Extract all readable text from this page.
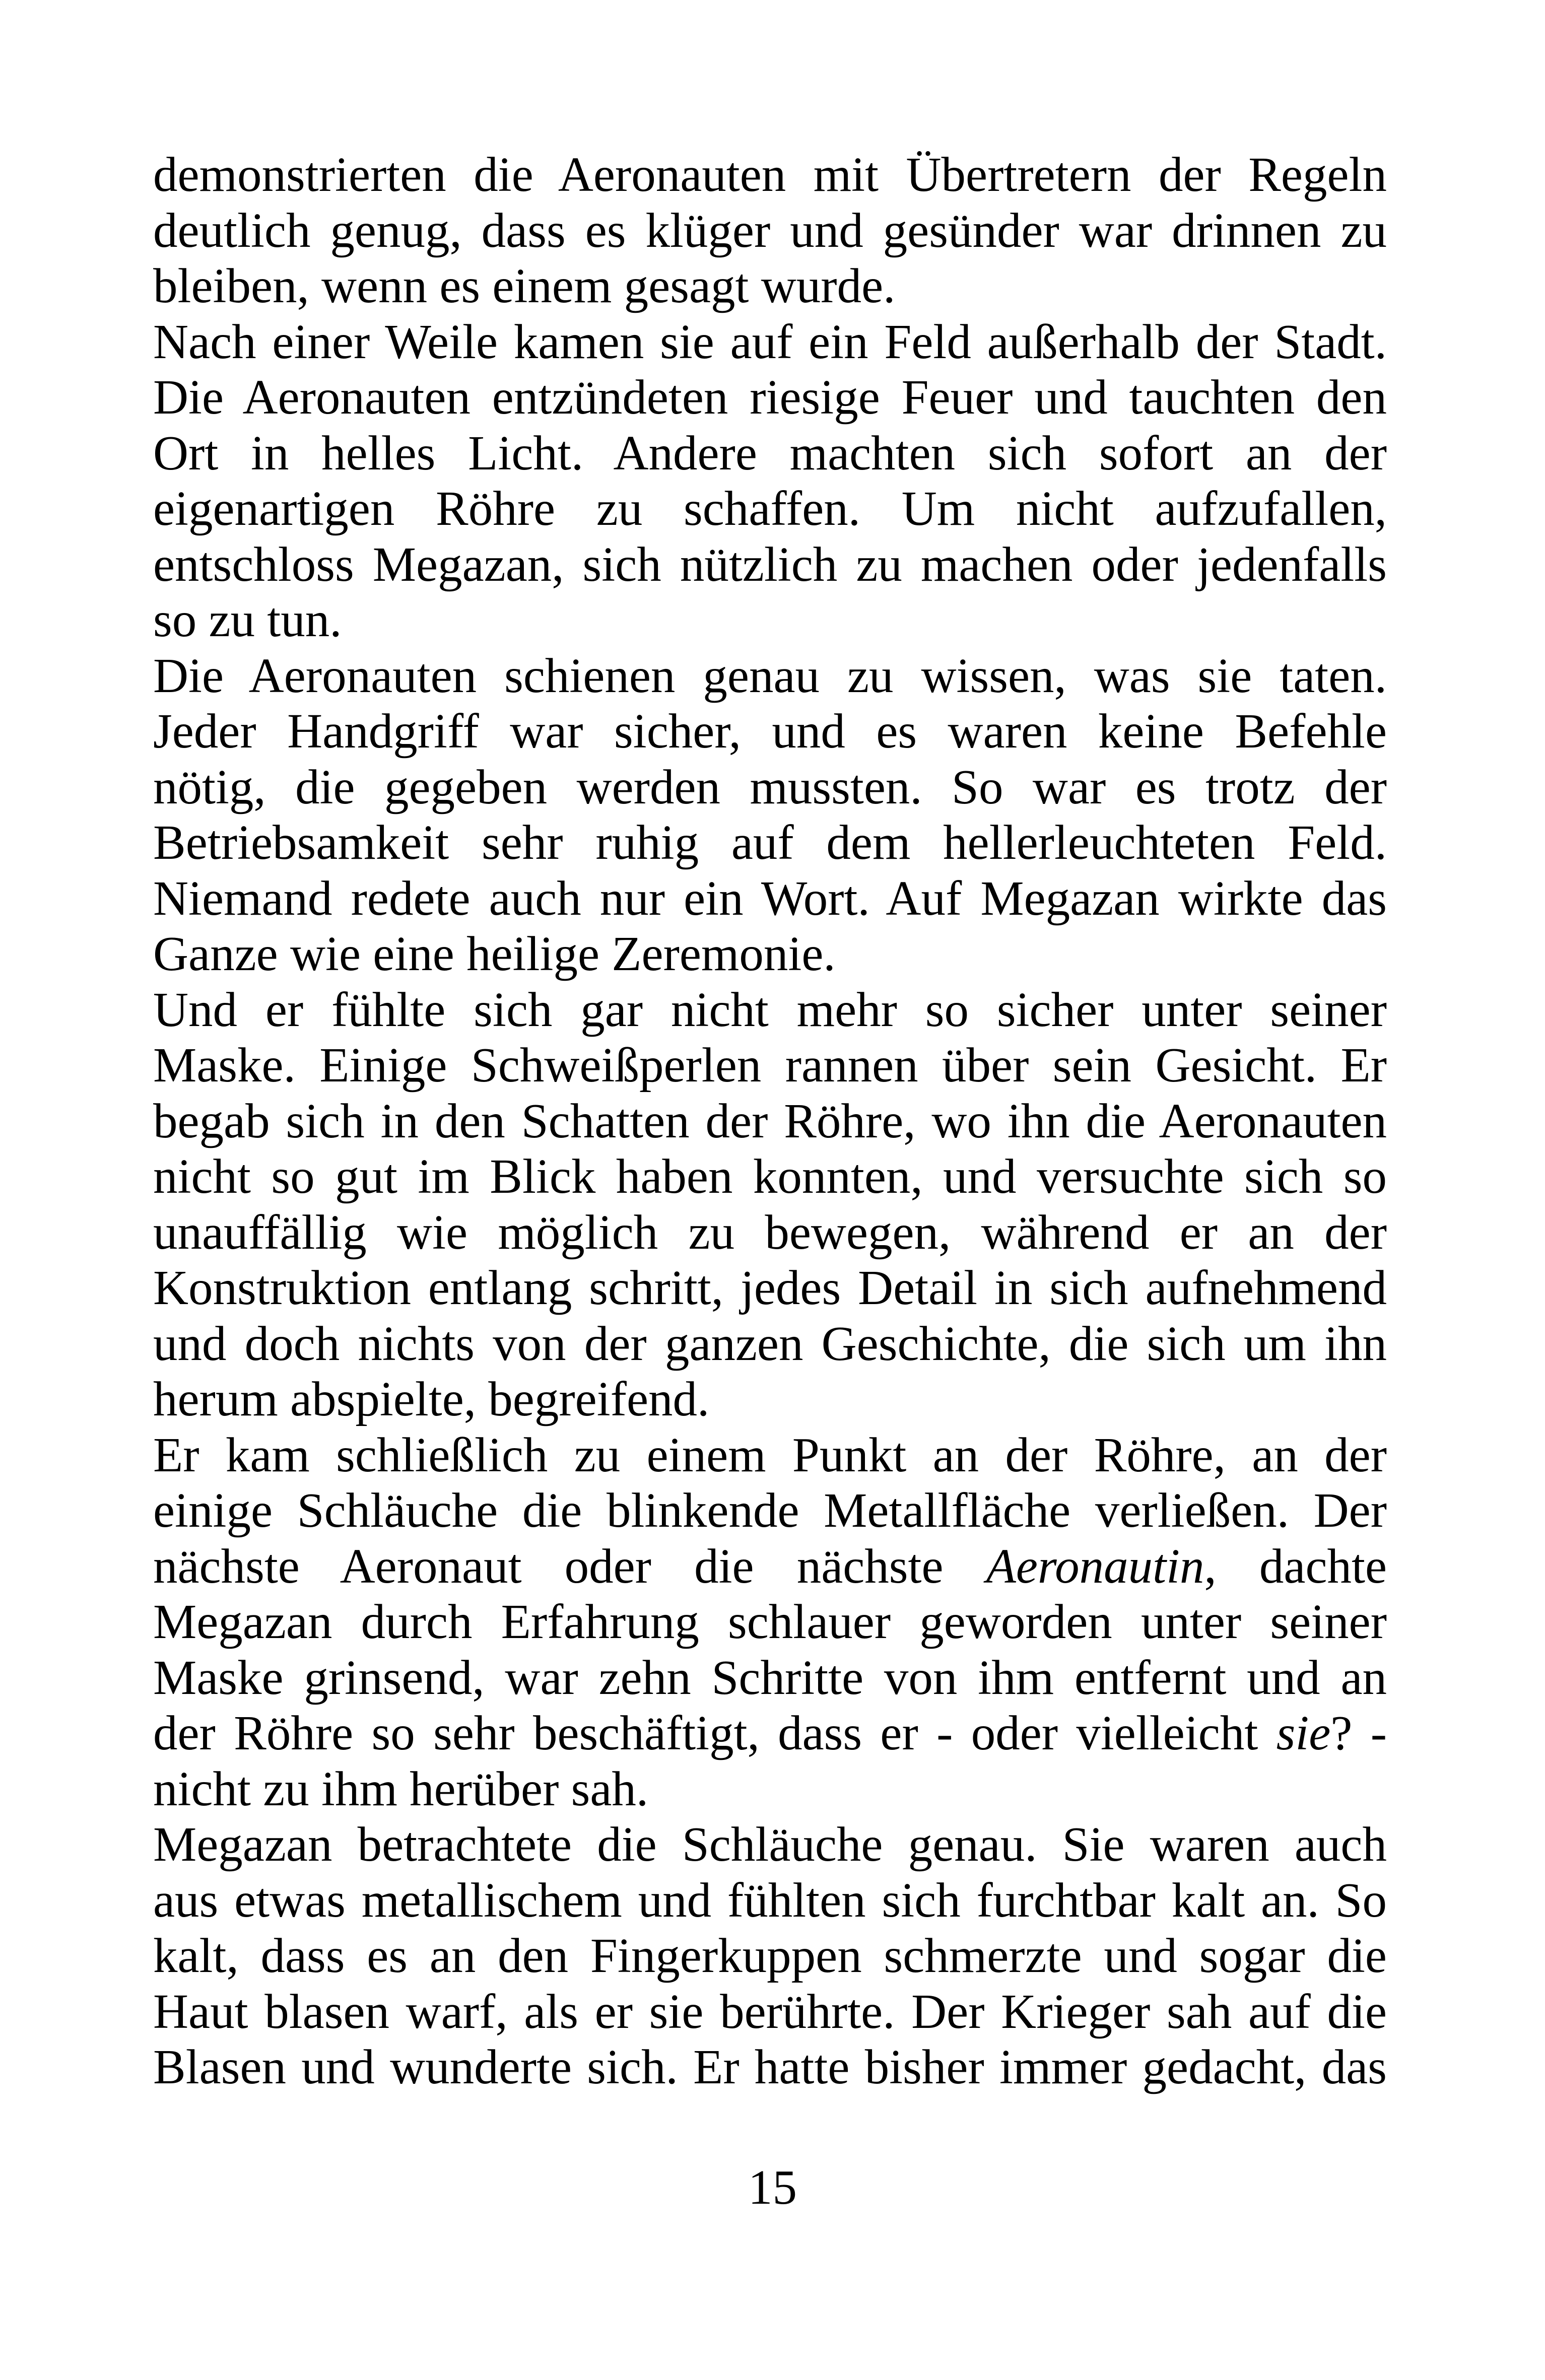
demonstrierten die Aeronauten mit Übertretern der Regeln
deutlich genug, dass es klüger und gesünder war drinnen zu
bleiben, wenn es einem gesagt wurde.
Nach einer Weile kamen sie auf ein Feld außerhalb der Stadt.
Die Aeronauten entzündeten riesige Feuer und tauchten den
Ort in helles Licht. Andere machten sich sofort an der
eigenartigen Röhre zu schaffen. Um nicht aufzufallen,
entschloss Megazan, sich nützlich zu machen oder jedenfalls
so zu tun.
Die Aeronauten schienen genau zu wissen, was sie taten.
Jeder Handgriff war sicher, und es waren keine Befehle
nötig, die gegeben werden mussten. So war es trotz der
Betriebsamkeit sehr ruhig auf dem hellerleuchteten Feld.
Niemand redete auch nur ein Wort. Auf Megazan wirkte das
Ganze wie eine heilige Zeremonie.
Und er fühlte sich gar nicht mehr so sicher unter seiner
Maske. Einige Schweißperlen rannen über sein Gesicht. Er
begab sich in den Schatten der Röhre, wo ihn die Aeronauten
nicht so gut im Blick haben konnten, und versuchte sich so
unauffällig wie möglich zu bewegen, während er an der
Konstruktion entlang schritt, jedes Detail in sich aufnehmend
und doch nichts von der ganzen Geschichte, die sich um ihn
herum abspielte, begreifend.
Er kam schließlich zu einem Punkt an der Röhre, an der
einige Schläuche die blinkende Metallfläche verließen. Der
nächste Aeronaut oder die nächste Aeronautin, dachte
Megazan durch Erfahrung schlauer geworden unter seiner
Maske grinsend, war zehn Schritte von ihm entfernt und an
der Röhre so sehr beschäftigt, dass er - oder vielleicht sie? -
nicht zu ihm herüber sah.
Megazan betrachtete die Schläuche genau. Sie waren auch
aus etwas metallischem und fühlten sich furchtbar kalt an. So
kalt, dass es an den Fingerkuppen schmerzte und sogar die
Haut blasen warf, als er sie berührte. Der Krieger sah auf die
Blasen und wunderte sich. Er hatte bisher immer gedacht, das
15
